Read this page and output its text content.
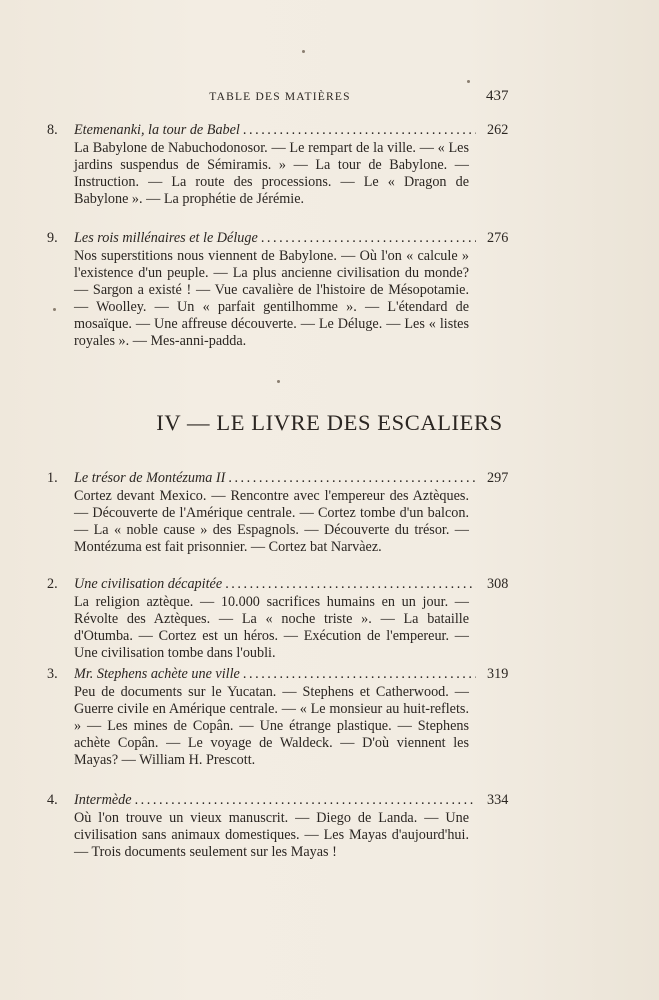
TABLE DES MATIÈRES	437
8. Etemenanki, la tour de Babel . . .	262
La Babylone de Nabuchodonosor. — Le rempart de la ville. — « Les jardins suspendus de Sémiramis. » — La tour de Babylone. — Instruction. — La route des processions. — Le « Dragon de Babylone ». — La prophétie de Jérémie.
9. Les rois millénaires et le Déluge . . .	276
Nos superstitions nous viennent de Babylone. — Où l'on « calcule » l'existence d'un peuple. — La plus ancienne civilisation du monde? — Sargon a existé ! — Vue cavalière de l'histoire de Mésopotamie. — Woolley. — Un « parfait gentilhomme ». — L'étendard de mosaïque. — Une affreuse découverte. — Le Déluge. — Les « listes royales ». — Mes-anni-padda.
IV — LE LIVRE DES ESCALIERS
1. Le trésor de Montézuma II . . .	297
Cortez devant Mexico. — Rencontre avec l'empereur des Aztèques. — Découverte de l'Amérique centrale. — Cortez tombe d'un balcon. — La « noble cause » des Espagnols. — Découverte du trésor. — Montézuma est fait prisonnier. — Cortez bat Narvàez.
2. Une civilisation décapitée . . .	308
La religion aztèque. — 10.000 sacrifices humains en un jour. — Révolte des Aztèques. — La « noche triste ». — La bataille d'Otumba. — Cortez est un héros. — Exécution de l'empereur. — Une civilisation tombe dans l'oubli.
3. Mr. Stephens achète une ville . . .	319
Peu de documents sur le Yucatan. — Stephens et Catherwood. — Guerre civile en Amérique centrale. — « Le monsieur au huit-reflets. » — Les mines de Copân. — Une étrange plastique. — Stephens achète Copân. — Le voyage de Waldeck. — D'où viennent les Mayas? — William H. Prescott.
4. Intermède . . .	334
Où l'on trouve un vieux manuscrit. — Diego de Landa. — Une civilisation sans animaux domestiques. — Les Mayas d'aujourd'hui. — Trois documents seulement sur les Mayas !
